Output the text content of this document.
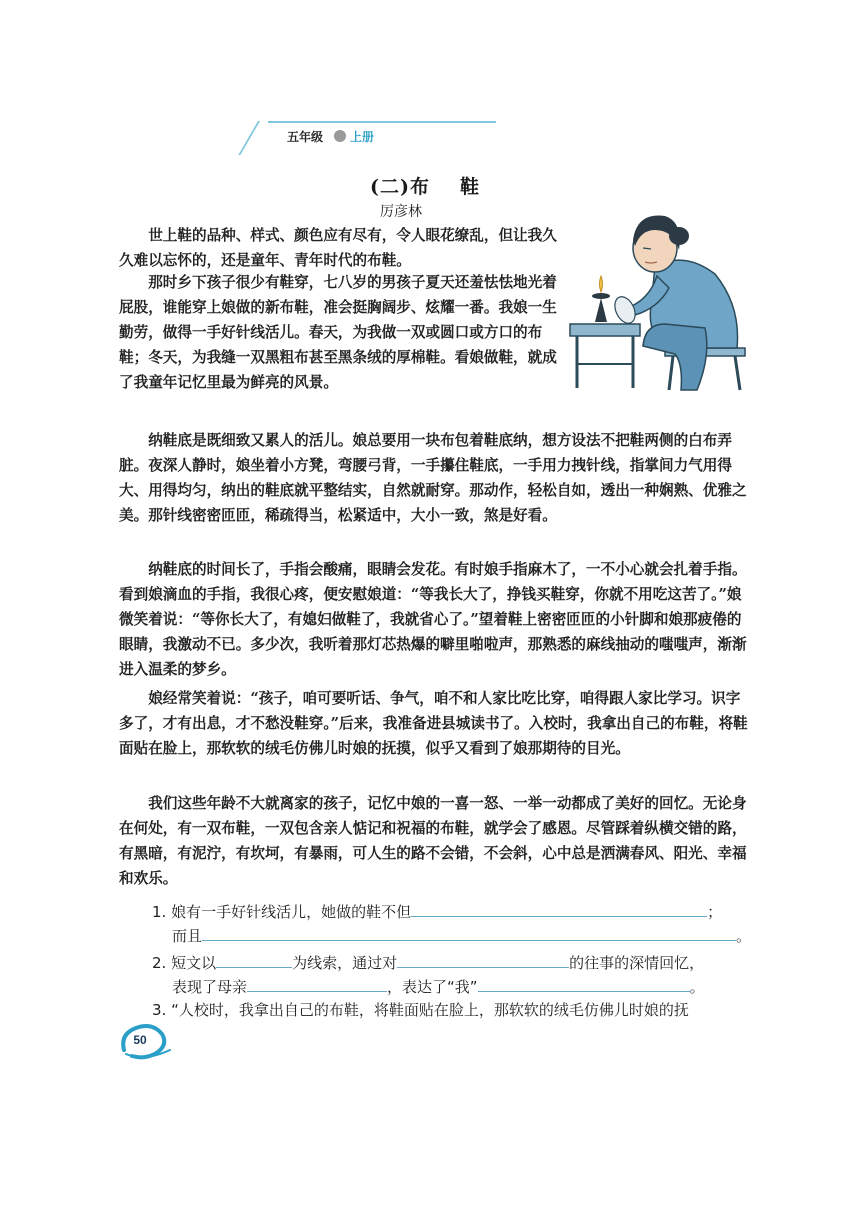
五年级 上册
(二)布 鞋
厉彦林

世上鞋的品种、样式、颜色应有尽有，令人眼花缭乱，但让我久久难以忘怀的，还是童年、青年时代的布鞋。

那时乡下孩子很少有鞋穿，七八岁的男孩子夏天还羞怯怯地光着屁股，谁能穿上娘做的新布鞋，准会挺胸阔步、炫耀一番。我娘一生勤劳，做得一手好针线活儿。春天，为我做一双或圆口或方口的布鞋；冬天，为我缝一双黑粗布甚至黑条绒的厚棉鞋。看娘做鞋，就成了我童年记忆里最为鲜亮的风景。

纳鞋底是既细致又累人的活儿。娘总要用一块布包着鞋底纳，想方设法不把鞋两侧的白布弄脏。夜深人静时，娘坐着小方凳，弯腰弓背，一手攥住鞋底，一手用力拽针线，指掌间力气用得大、用得均匀，纳出的鞋底就平整结实，自然就耐穿。那动作，轻松自如，透出一种娴熟、优雅之美。那针线密密匝匝，稀疏得当，松紧适中，大小一致，煞是好看。

纳鞋底的时间长了，手指会酸痛，眼睛会发花。有时娘手指麻木了，一不小心就会扎着手指。看到娘滴血的手指，我很心疼，便安慰娘道：“等我长大了，挣钱买鞋穿，你就不用吃这苦了。”娘微笑着说：“等你长大了，有媳妇做鞋了，我就省心了。”望着鞋上密密匝匝的小针脚和娘那疲倦的眼睛，我激动不已。多少次，我听着那灯芯热爆的噼里啪啦声，那熟悉的麻线抽动的嗤嗤声，渐渐进入温柔的梦乡。

娘经常笑着说：“孩子，咱可要听话、争气，咱不和人家比吃比穿，咱得跟人家比学习。识字多了，才有出息，才不愁没鞋穿。”后来，我准备进县城读书了。入校时，我拿出自己的布鞋，将鞋面贴在脸上，那软软的绒毛仿佛儿时娘的抚摸，似乎又看到了娘那期待的目光。

我们这些年龄不大就离家的孩子，记忆中娘的一喜一怒、一举一动都成了美好的回忆。无论身在何处，有一双布鞋，一双包含亲人惦记和祝福的布鞋，就学会了感恩。尽管踩着纵横交错的路，有黑暗，有泥泞，有坎坷，有暴雨，可人生的路不会错，不会斜，心中总是洒满春风、阳光、幸福和欢乐。

1. 娘有一手好针线活儿，她做的鞋不但	；
而且	。
2. 短文以	为线索，通过对	的往事的深情回忆，
表现了母亲	，表达了“我”	。
3. “人校时，我拿出自己的布鞋，将鞋面贴在脸上，那软软的绒毛仿佛儿时娘的抚
50
